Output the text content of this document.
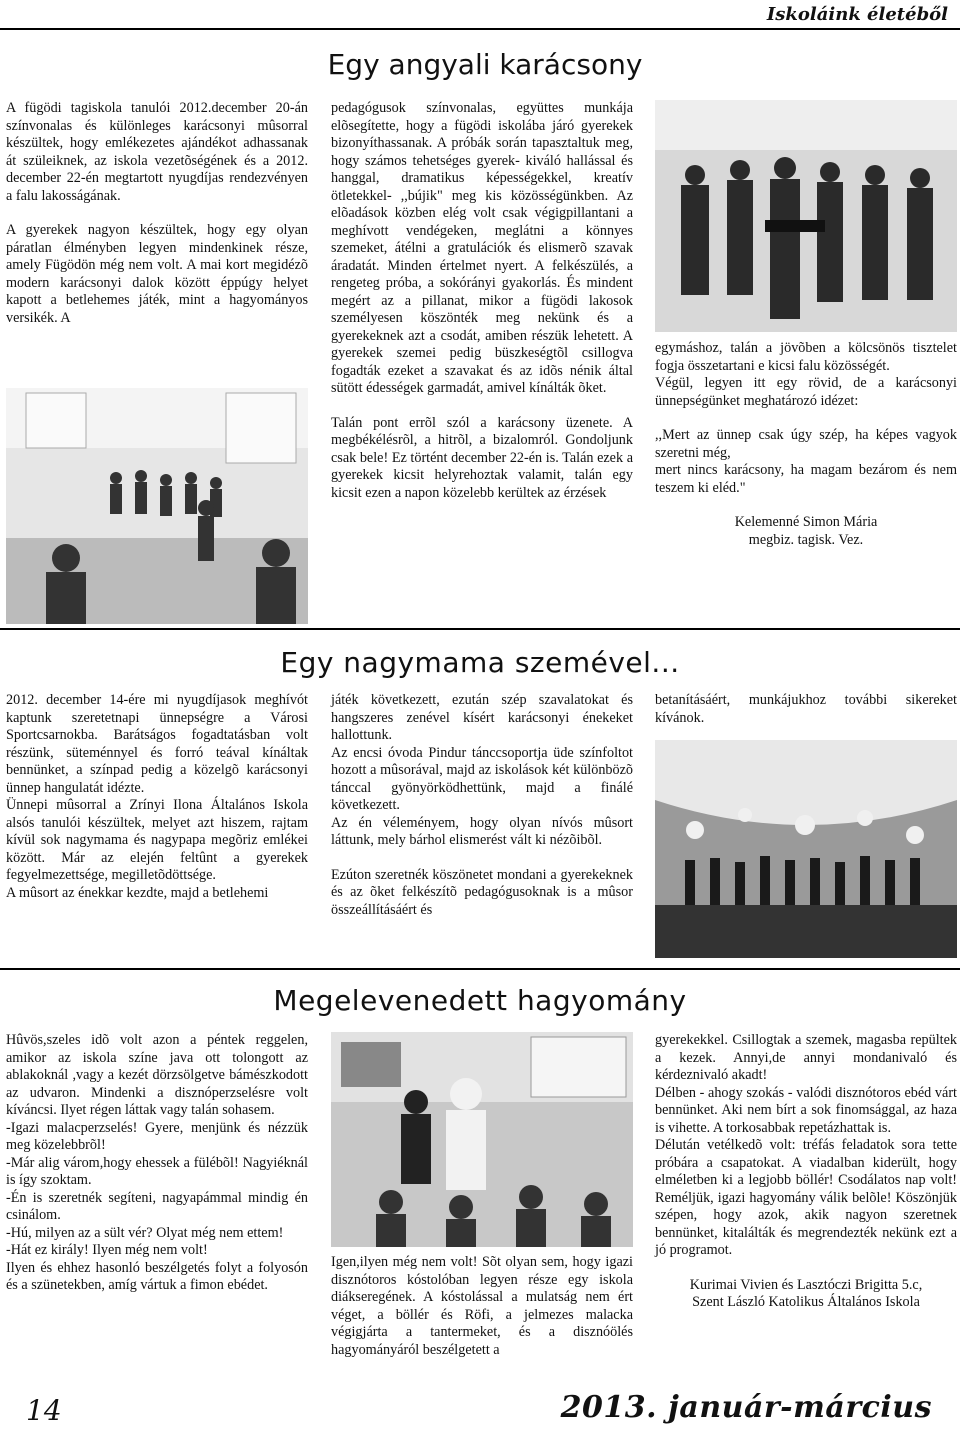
Iskoláink életéből
Egy angyali karácsony

A fügödi tagiskola tanulói 2012.december 20-án színvonalas és különleges karácsonyi mûsorral készültek, hogy emlékezetes ajándékot adhassanak át szüleiknek, az iskola vezetõségének és a 2012. december 22-én megtartott nyugdíjas rendezvényen a falu lakosságának.

A gyerekek nagyon készültek, hogy egy olyan páratlan élményben legyen mindenkinek része, amely Fügödön még nem volt. A mai kort megidézõ modern karácsonyi dalok között éppúgy helyet kapott a betlehemes játék, mint a hagyományos versikék. A

pedagógusok színvonalas, együttes munkája elõsegítette, hogy a fügödi iskolába járó gyerekek bizonyíthassanak. A próbák során tapasztaltuk meg, hogy számos tehetséges gyerek- kiváló hallással és hanggal, dramatikus képességekkel, kreatív ötletekkel- ,,bújik" meg kis közösségünkben. Az elõadások közben elég volt csak végigpillantani a meghívott vendégeken, meglátni a könnyes szemeket, átélni a gratulációk és elismerõ szavak áradatát. Minden értelmet nyert. A felkészülés, a rengeteg próba, a sokórányi gyakorlás. És mindent megért az a pillanat, mikor a fügödi lakosok személyesen köszönték meg nekünk és a gyerekeknek azt a csodát, amiben részük lehetett. A gyerekek szemei pedig büszkeségtõl csillogva fogadták ezeket a szavakat és az idõs nénik által sütött édességek garmadát, amivel kínálták õket.

Talán pont errõl szól a karácsony üzenete. A megbékélésrõl, a hitrõl, a bizalomról. Gondoljunk csak bele! Ez történt december 22-én is. Talán ezek a gyerekek kicsit helyrehoztak valamit, talán egy kicsit ezen a napon közelebb kerültek az érzések

egymáshoz, talán a jövõben a kölcsönös tisztelet fogja összetartani e kicsi falu közösségét.

Végül, legyen itt egy rövid, de a karácsonyi ünnepségünket meghatározó idézet:

,,Mert az ünnep csak úgy szép, ha képes vagyok szeretni még,

mert nincs karácsony, ha magam bezárom és nem teszem ki eléd."

Kelemenné Simon Mária
megbiz. tagisk. Vez.
Egy nagymama szemével...

2012. december 14-ére mi nyugdíjasok meghívót kaptunk szeretetnapi ünnepségre a Városi Sportcsarnokba. Barátságos fogadtatásban volt részünk, süteménnyel és forró teával kínáltak bennünket, a színpad pedig a közelgõ karácsonyi ünnep hangulatát idézte.

Ünnepi mûsorral a Zrínyi Ilona Általános Iskola alsós tanulói készültek, melyet azt hiszem, rajtam kívül sok nagymama és nagypapa megõriz emlékei között. Már az elején feltûnt a gyerekek fegyelmezettsége, megilletõdöttsége.

A mûsort az énekkar kezdte, majd a betlehemi

játék következett, ezután szép szavalatokat és hangszeres zenével kísért karácsonyi énekeket hallottunk.

Az encsi óvoda Pindur tánccsoportja üde színfoltot hozott a mûsorával, majd az iskolások két különbözõ tánccal gyönyörködhettünk, majd a finálé következett.

Az én véleményem, hogy olyan nívós mûsort láttunk, mely bárhol elismerést vált ki nézõibõl.

Ezúton szeretnék köszönetet mondani a gyerekeknek és az õket felkészítõ pedagógusoknak is a mûsor összeállításáért és

betanításáért, munkájukhoz további sikereket kívánok.

Megelevenedett hagyomány

Hûvös,szeles idõ volt azon a péntek reggelen, amikor az iskola színe java ott tolongott az ablakoknál ,vagy a kezét dörzsölgetve bámészkodott az udvaron. Mindenki a disznóperzselésre volt kíváncsi. Ilyet régen láttak vagy talán sohasem.

-Igazi malacperzselés! Gyere, menjünk és nézzük meg közelebbrõl!

-Már alig várom,hogy ehessek a fülébõl! Nagyiéknál is így szoktam.

-Én is szeretnék segíteni, nagyapámmal mindig én csinálom.

-Hú, milyen az a sült vér? Olyat még nem ettem!

-Hát ez király! Ilyen még nem volt!

Ilyen és ehhez hasonló beszélgetés folyt a folyosón és a szünetekben, amíg vártuk a fimon ebédet.

Igen,ilyen még nem volt! Sõt olyan sem, hogy igazi disznótoros kóstolóban legyen része egy iskola diákseregének. A kóstolással a mulatság nem ért véget, a böllér és Röfi, a jelmezes malacka végigjárta a tantermeket, és a disznóölés hagyományáról beszélgetett a

gyerekekkel. Csillogtak a szemek, magasba repültek a kezek. Annyi,de annyi mondanivaló és kérdeznivaló akadt!

Délben - ahogy szokás - valódi disznótoros ebéd várt bennünket. Aki nem bírt a sok finomsággal, az haza is vihette. A torkosabbak repetázhattak is.

Délután vetélkedõ volt: tréfás feladatok sora tette próbára a csapatokat. A viadalban kiderült, hogy elméletben ki a legjobb böllér! Csodálatos nap volt! Reméljük, igazi hagyomány válik belõle! Köszönjük szépen, hogy azok, akik nagyon szeretnek bennünket, kitalálták és megrendezték nekünk ezt a jó programot.

Kurimai Vivien és Lasztóczi Brigitta 5.c,
Szent László Katolikus Általános Iskola
14	2013. január-március
